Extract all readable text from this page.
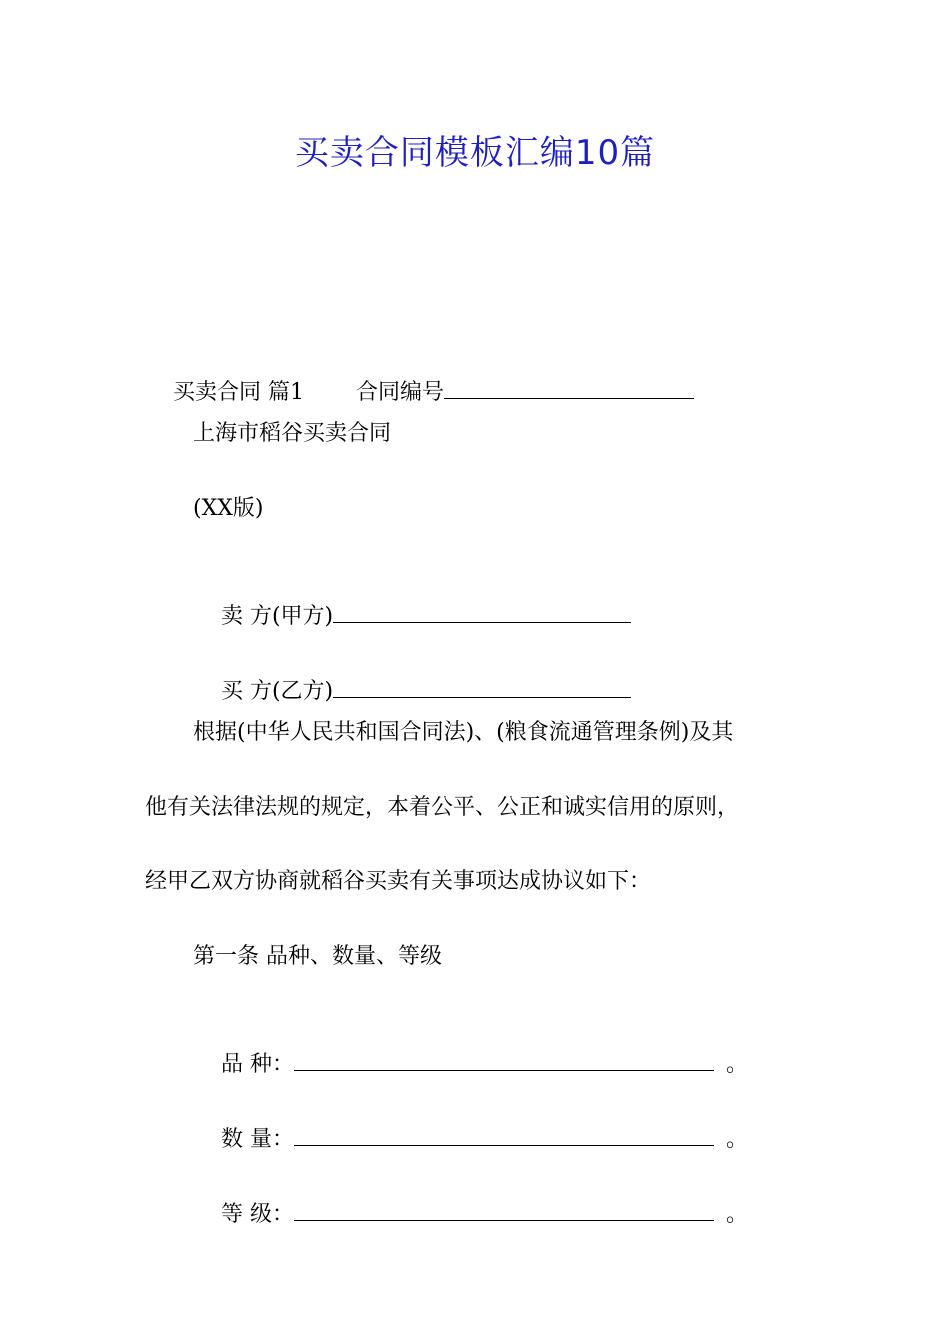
买卖合同模板汇编10篇

买卖合同 篇1 合同编号

上海市稻谷买卖合同
(XX版)

卖 方(甲方)

买 方(乙方)

根据(中华人民共和国合同法)、(粮食流通管理条例)及其
他有关法律法规的规定，本着公平、公正和诚实信用的原则，
经甲乙双方协商就稻谷买卖有关事项达成协议如下：
第一条 品种、数量、等级

品 种：	。

数 量：	。

等 级：	。
